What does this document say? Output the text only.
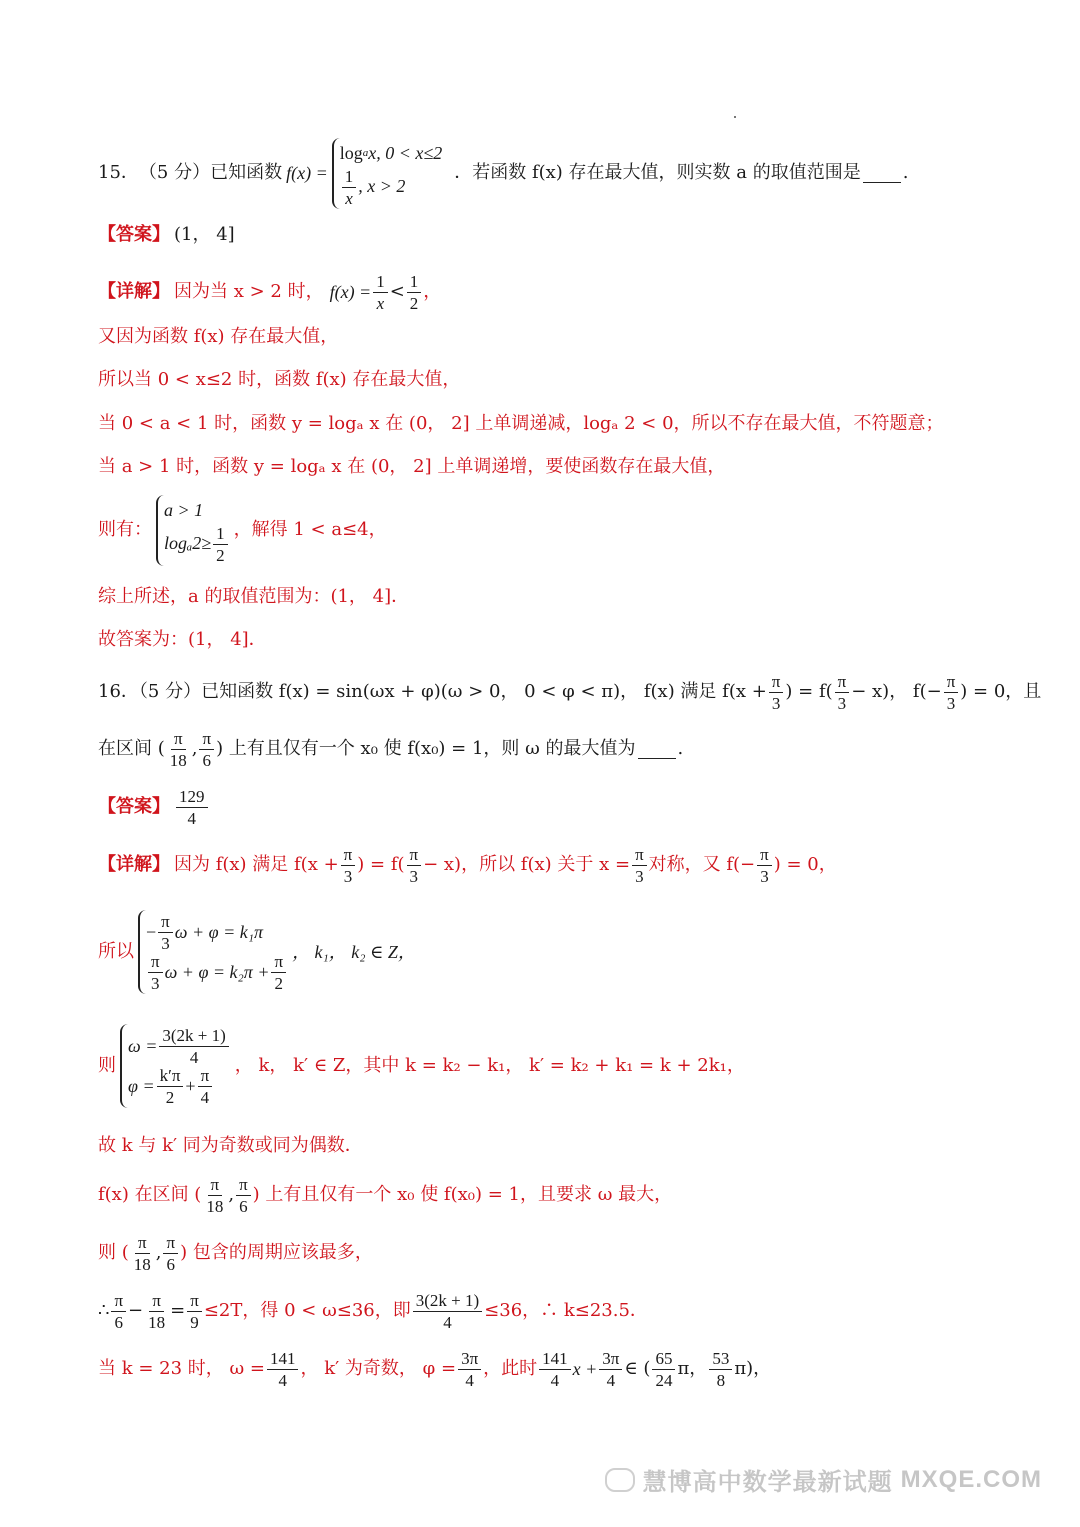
15． （5 分） 已知函数 f(x) =
log a x, 0 < x≤2
$\frac{1}{x}$ , x > 2
．若函数 f(x) 存在最大值，则实数 a 的取值范围是 .
【答案】 (1， 4]
【详解】 因为当 x > 2 时， $f(x) = \frac{1}{x} < \frac{1}{2}$ ，
又因为函数 f(x) 存在最大值，
所以当 0 < x≤2 时，函数 f(x) 存在最大值，
当 0 < a < 1 时，函数 y = logₐ x 在 (0， 2] 上单调递减，logₐ 2 < 0，所以不存在最大值，不符题意；
当 a > 1 时，函数 y = logₐ x 在 (0， 2] 上单调递增，要使函数存在最大值，
则有：
a > 1
$\log_a2\ge \frac{1}{2}$ ，解得 1 < a≤4，
综上所述，a 的取值范围为：(1， 4]．
故答案为：(1， 4]．
16．（5 分）已知函数 f(x) = sin(ωx + φ)(ω > 0， 0 < φ < π)， f(x) 满足 $f(x + \frac{\pi}{3}$ ) = $f( \frac{\pi}{3} - x)$， $f(- \frac{\pi}{3}$ ) = 0，且
在区间 ( $\frac{\pi}{18}$ , $\frac{\pi}{6}$ ) 上有且仅有一个 x₀ 使 f(x₀) = 1，则 ω 的最大值为 .
【答案】 $\frac{129}{4}$
【详解】 因为 f(x) 满足 $f(x + \frac{\pi}{3}$ ) = $f( \frac{\pi}{3} - x)$，所以 f(x) 关于 $x = \frac{\pi}{3}$ 对称，又 $f(- \frac{\pi}{3}$ ) = 0，
所以
− $\frac{\pi}{3}$ ω + φ = k₁π
$\frac{\pi}{3}$ $\omega + \varphi = k_2\pi + \frac{\pi}{2}$ ， k₁， k₂ ∈ Z，
则
$\omega = \frac{3(2k + 1)}{4}$
$\varphi = \frac{k'\pi}{2} + \frac{\pi}{4}$
， k， k′ ∈ Z，其中 k = k₂ − k₁， k′ = k₂ + k₁ = k + 2k₁，
故 k 与 k′ 同为奇数或同为偶数．
f(x) 在区间 ( $\frac{\pi}{18}$ , $\frac{\pi}{6}$ ) 上有且仅有一个 x₀ 使 f(x₀) = 1，且要求 ω 最大，
则 ( $\frac{\pi}{18}$ , $\frac{\pi}{6}$ ) 包含的周期应该最多，
∴ $\frac{\pi}{6} - \frac{\pi}{18} = \frac{\pi}{9} \le 2T$，得 0 < ω≤36，即 $\frac{3(2k + 1)}{4} \le 36$，∴ k≤23.5．
当 k = 23 时， $\omega = \frac{141}{4}$ ， k′ 为奇数， $\varphi = \frac{3\pi}{4}$ ，此时 $\frac{141}{4}$ $x + \frac{3\pi}{4}$ ∈ ( $\frac{65}{24}$ π， $\frac{53}{8} \pi$)，
慧博高中数学最新试题 MXQE.COM
